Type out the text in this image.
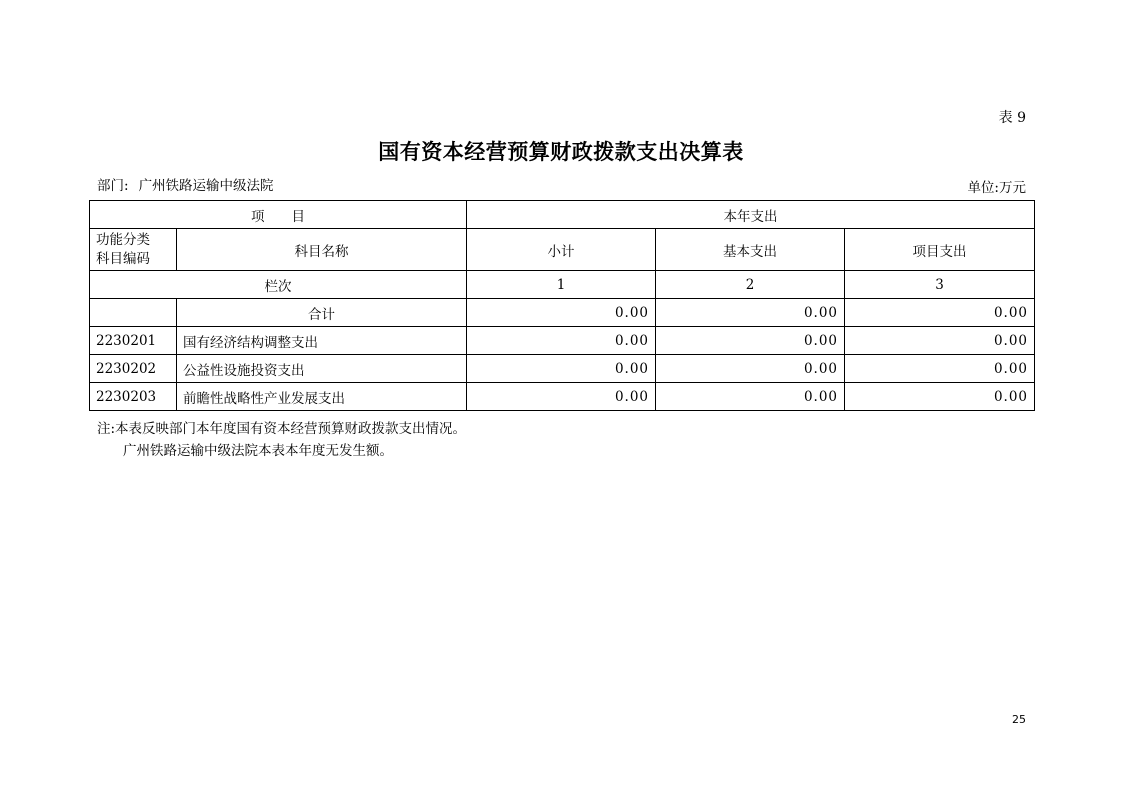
表 9
国有资本经营预算财政拨款支出决算表
部门: 广州铁路运输中级法院	单位:万元
项　　目		本年支出		

功能分类
科目编码	科目名称	小计	基本支出	项目支出
栏次		1	2	3
	合计	0.00	0.00	0.00
2230201	国有经济结构调整支出	0.00	0.00	0.00
2230202	公益性设施投资支出	0.00	0.00	0.00
2230203	前瞻性战略性产业发展支出	0.00	0.00	0.00
注:本表反映部门本年度国有资本经营预算财政拨款支出情况。
广州铁路运输中级法院本表本年度无发生额。
25
